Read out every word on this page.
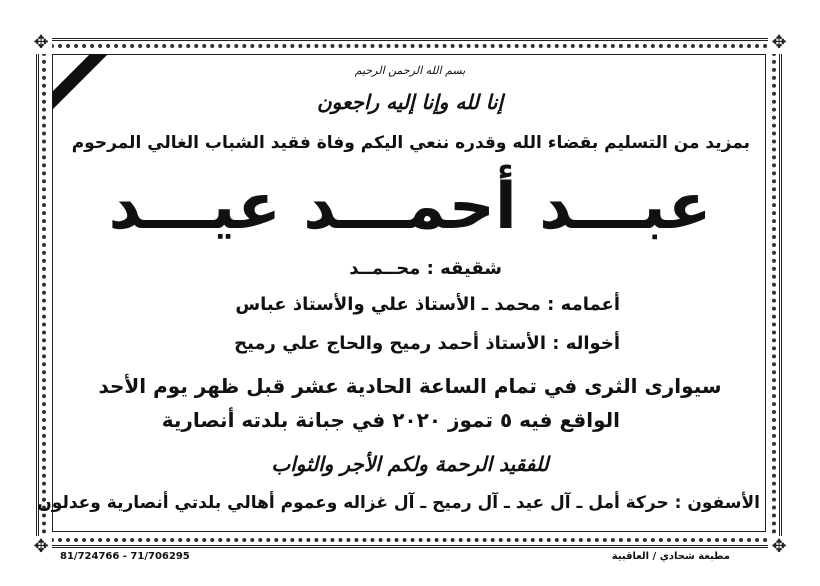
✥	✥
✥	✥
بسم الله الرحمن الرحيم
إنا لله وإنا إليه راجعون
بمزيد من التسليم بقضاء الله وقدره ننعي اليكم وفاة فقيد الشباب الغالي المرحوم
عبـــد أحمـــد عيـــد
شقيقه : محــمــد
أعمامه : محمد ـ الأستاذ علي والأستاذ عباس
أخواله : الأستاذ أحمد رميح والحاج علي رميح
سيوارى الثرى في تمام الساعة الحادية عشر قبل ظهر يوم الأحد
الواقع فيه ٥ تموز ٢٠٢٠ في جبانة بلدته أنصارية
للفقيد الرحمة ولكم الأجر والثواب
الأسفون : حركة أمل ـ آل عيد ـ آل رميح ـ آل غزاله وعموم أهالي بلدتي أنصارية وعدلون
مطبعة شحادي / العاقبية
81/724766 - 71/706295
